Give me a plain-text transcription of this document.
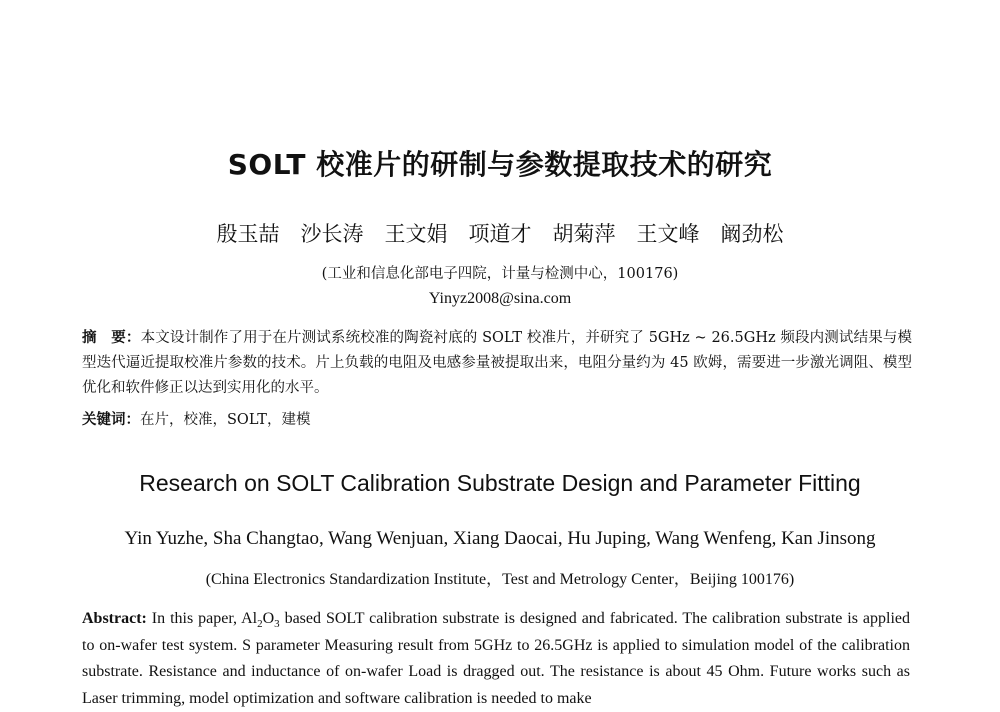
SOLT 校准片的研制与参数提取技术的研究
殷玉喆　沙长涛　王文娟　项道才　胡菊萍　王文峰　阚劲松
(工业和信息化部电子四院，计量与检测中心，100176)
Yinyz2008@sina.com
摘　要：本文设计制作了用于在片测试系统校准的陶瓷衬底的 SOLT 校准片，并研究了 5GHz ~ 26.5GHz 频段内测试结果与模型迭代逼近提取校准片参数的技术。片上负载的电阻及电感参量被提取出来，电阻分量约为 45 欧姆，需要进一步激光调阻、模型优化和软件修正以达到实用化的水平。
关键词：在片，校准，SOLT，建模
Research on SOLT Calibration Substrate Design and Parameter Fitting
Yin Yuzhe, Sha Changtao, Wang Wenjuan, Xiang Daocai, Hu Juping, Wang Wenfeng, Kan Jinsong
(China Electronics Standardization Institute，Test and Metrology Center，Beijing 100176)
Abstract: In this paper, $Al_2O_3$ based SOLT calibration substrate is designed and fabricated. The calibration substrate is applied to on-wafer test system. S parameter Measuring result from 5GHz to 26.5GHz is applied to simulation model of the calibration substrate. Resistance and inductance of on-wafer Load is dragged out. The resistance is about 45 Ohm. Future works such as Laser trimming, model optimization and software calibration is needed to make
